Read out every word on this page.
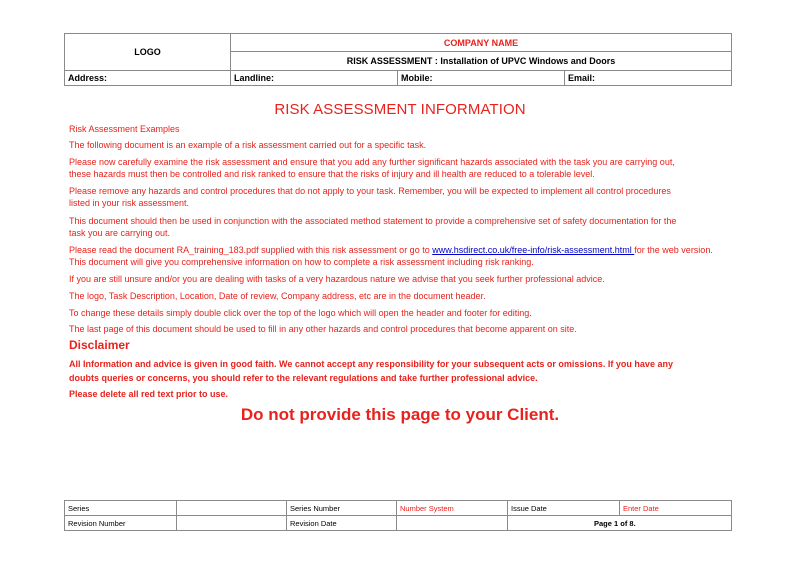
LOGO	COMPANY NAME		
	RISK ASSESSMENT : Installation of UPVC Windows and Doors		
Address:	Landline:	Mobile:	Email:
RISK ASSESSMENT INFORMATION
Risk Assessment Examples
The following document is an example of a risk assessment carried out for a specific task.

Please now carefully examine the risk assessment and ensure that you add any further significant hazards associated with the task you are carrying out,

these hazards must then be controlled and risk ranked to ensure that the risks of injury and ill health are reduced to a tolerable level.

Please remove any hazards and control procedures that do not apply to your task. Remember, you will be expected to implement all control procedures

listed in your risk assessment.

This document should then be used in conjunction with the associated method statement to provide a comprehensive set of safety documentation for the

task you are carrying out.

Please read the document RA_training_183.pdf supplied with this risk assessment or go to www.hsdirect.co.uk/free-info/risk-assessment.html for the web version.

This document will give you comprehensive information on how to complete a risk assessment including risk ranking.

If you are still unsure and/or you are dealing with tasks of a very hazardous nature we advise that you seek further professional advice.
The logo, Task Description, Location, Date of review, Company address, etc are in the document header.
To change these details simply double click over the top of the logo which will open the header and footer for editing.
The last page of this document should be used to fill in any other hazards and control procedures that become apparent on site.
Disclaimer
All Information and advice is given in good faith. We cannot accept any responsibility for your subsequent acts or omissions. If you have any
doubts queries or concerns, you should refer to the relevant regulations and take further professional advice.
Please delete all red text prior to use.
Do not provide this page to your Client.
Series		Series Number	Number System	Issue Date	Enter Date
Revision Number		Revision Date		Page 1 of 8.	
